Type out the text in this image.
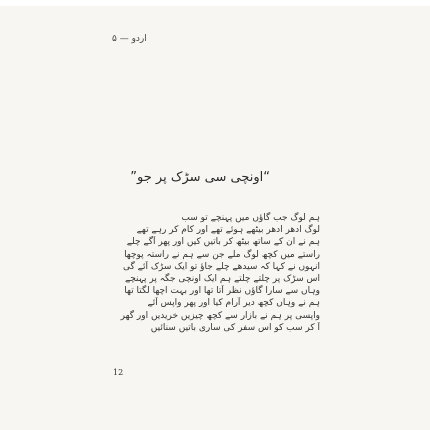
اردو — ۵
“اونچی سی سڑک پر جو”
ہم لوگ جب گاؤں میں پہنچے تو سب
لوگ ادھر ادھر بیٹھے ہوئے تھے اور کام کر رہے تھے
ہم نے ان کے ساتھ بیٹھ کر باتیں کیں اور پھر آگے چلے
راستے میں کچھ لوگ ملے جن سے ہم نے راستہ پوچھا
انہوں نے کہا کہ سیدھے چلے جاؤ تو ایک سڑک آئے گی
اس سڑک پر چلتے چلتے ہم ایک اونچی جگہ پر پہنچے
وہاں سے سارا گاؤں نظر آتا تھا اور بہت اچھا لگتا تھا
ہم نے وہاں کچھ دیر آرام کیا اور پھر واپس آئے
واپسی پر ہم نے بازار سے کچھ چیزیں خریدیں اور گھر
آ کر سب کو اس سفر کی ساری باتیں سنائیں
12
